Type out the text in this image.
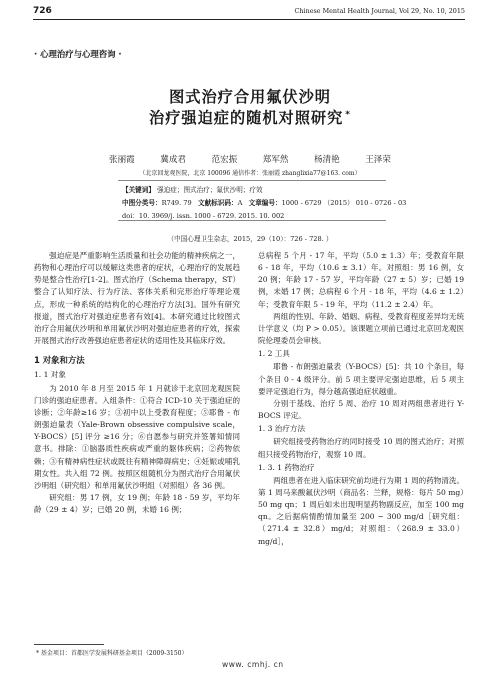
726	Chinese Mental Health Journal, Vol 29, No. 10, 2015
· 心理治疗与心理咨询 ·
图式治疗合用氟伏沙明
治疗强迫症的随机对照研究 *
张丽霞  冀成君  范宏振  郑军然  杨清艳  王泽荣
（北京回龙观医院，北京 100096 通信作者：张丽霞 zhanglixia77@163. com）
【关键词】 强迫症；图式治疗；氟伏沙明；疗效
中图分类号：R749. 79 文献标识码：A 文章编号：1000 - 6729 （2015） 010 - 0726 - 03
doi：10. 3969/j. issn. 1000 - 6729. 2015. 10. 002
（中国心理卫生杂志，2015，29（10）：726 - 728. ）

强迫症是严重影响生活质量和社会功能的精神疾病之一，药物和心理治疗可以缓解这类患者的症状，心理治疗的发展趋势是整合性治疗[1-2]。图式治疗（Schema therapy，ST）整合了认知疗法、行为疗法、客体关系和完形治疗等理论观点，形成一种系统的结构化的心理治疗方法[3]。国外有研究报道，图式治疗对强迫症患者有效[4]。本研究通过比较图式治疗合用氟伏沙明和单用氟伏沙明对强迫症患者的疗效，探索开展图式治疗改善强迫症患者症状的适用性及其临床疗效。

1 对象和方法
1. 1 对象

为 2010 年 8 月至 2015 年 1 月就诊于北京回龙观医院门诊的强迫症患者。入组条件：①符合 ICD-10 关于强迫症的诊断；②年龄≥16 岁；③初中以上受教育程度；⑤耶鲁 - 布朗强迫量表（Yale-Brown obsessive compulsive scale，Y-BOCS）[5] 评分 ≥16 分；⑥自愿参与研究并签署知情同意书。排除：①脑器质性疾病或严重的躯体疾病；②药物依赖；③有精神病性症状或既往有精神障碍病史；④妊娠或哺乳期女性。共入组 72 例。按照区组随机分为图式治疗合用氟伏沙明组（研究组）和单用氟伏沙明组（对照组）各 36 例。

研究组：男 17 例，女 19 例；年龄 18 - 59 岁，平均年龄（29 ± 4）岁；已婚 20 例，未婚 16 例；

总病程 5 个月 - 17 年，平均（5.0 ± 1.3）年；受教育年限 6 - 18 年，平均（10.6 ± 3.1）年。对照组：男 16 例，女 20 例；年龄 17 - 57 岁，平均年龄（27 ± 5）岁；已婚 19 例，未婚 17 例；总病程 6 个月 - 18 年，平均（4.6 ± 1.2）年；受教育年限 5 - 19 年，平均（11.2 ± 2.4）年。

两组的性别、年龄、婚姻、病程、受教育程度差异均无统计学意义（均 P > 0.05）。该课题立项前已通过北京回龙观医院伦理委员会审核。

1. 2 工具

耶鲁 - 布朗强迫量表（Y-BOCS）[5]：共 10 个条目，每个条目 0 - 4 级评分。前 5 项主要评定强迫思维，后 5 项主要评定强迫行为，得分越高强迫症状越重。

分别于基线、治疗 5 周、治疗 10 周对两组患者进行 Y-BOCS 评定。

1. 3 治疗方法

研究组接受药物治疗的同时接受 10 周的图式治疗；对照组只接受药物治疗，观察 10 周。

1. 3. 1 药物治疗

两组患者在进入临床研究前均进行为期 1 周的药物清洗。第 1 周马来酸氟伏沙明（商品名：兰释，规格：每片 50 mg）50 mg qn；1 周后如未出现明显药物副反应，加至 100 mg qn。之后据病情酌情加量至 200 ~ 300 mg/d［研究组：（271.4 ± 32.8）mg/d；对照组：（268.9 ± 33.0）mg/d］，

* 基金项目：首都医学发展科研基金项目（2009-3150）
www. cmhj. cn
